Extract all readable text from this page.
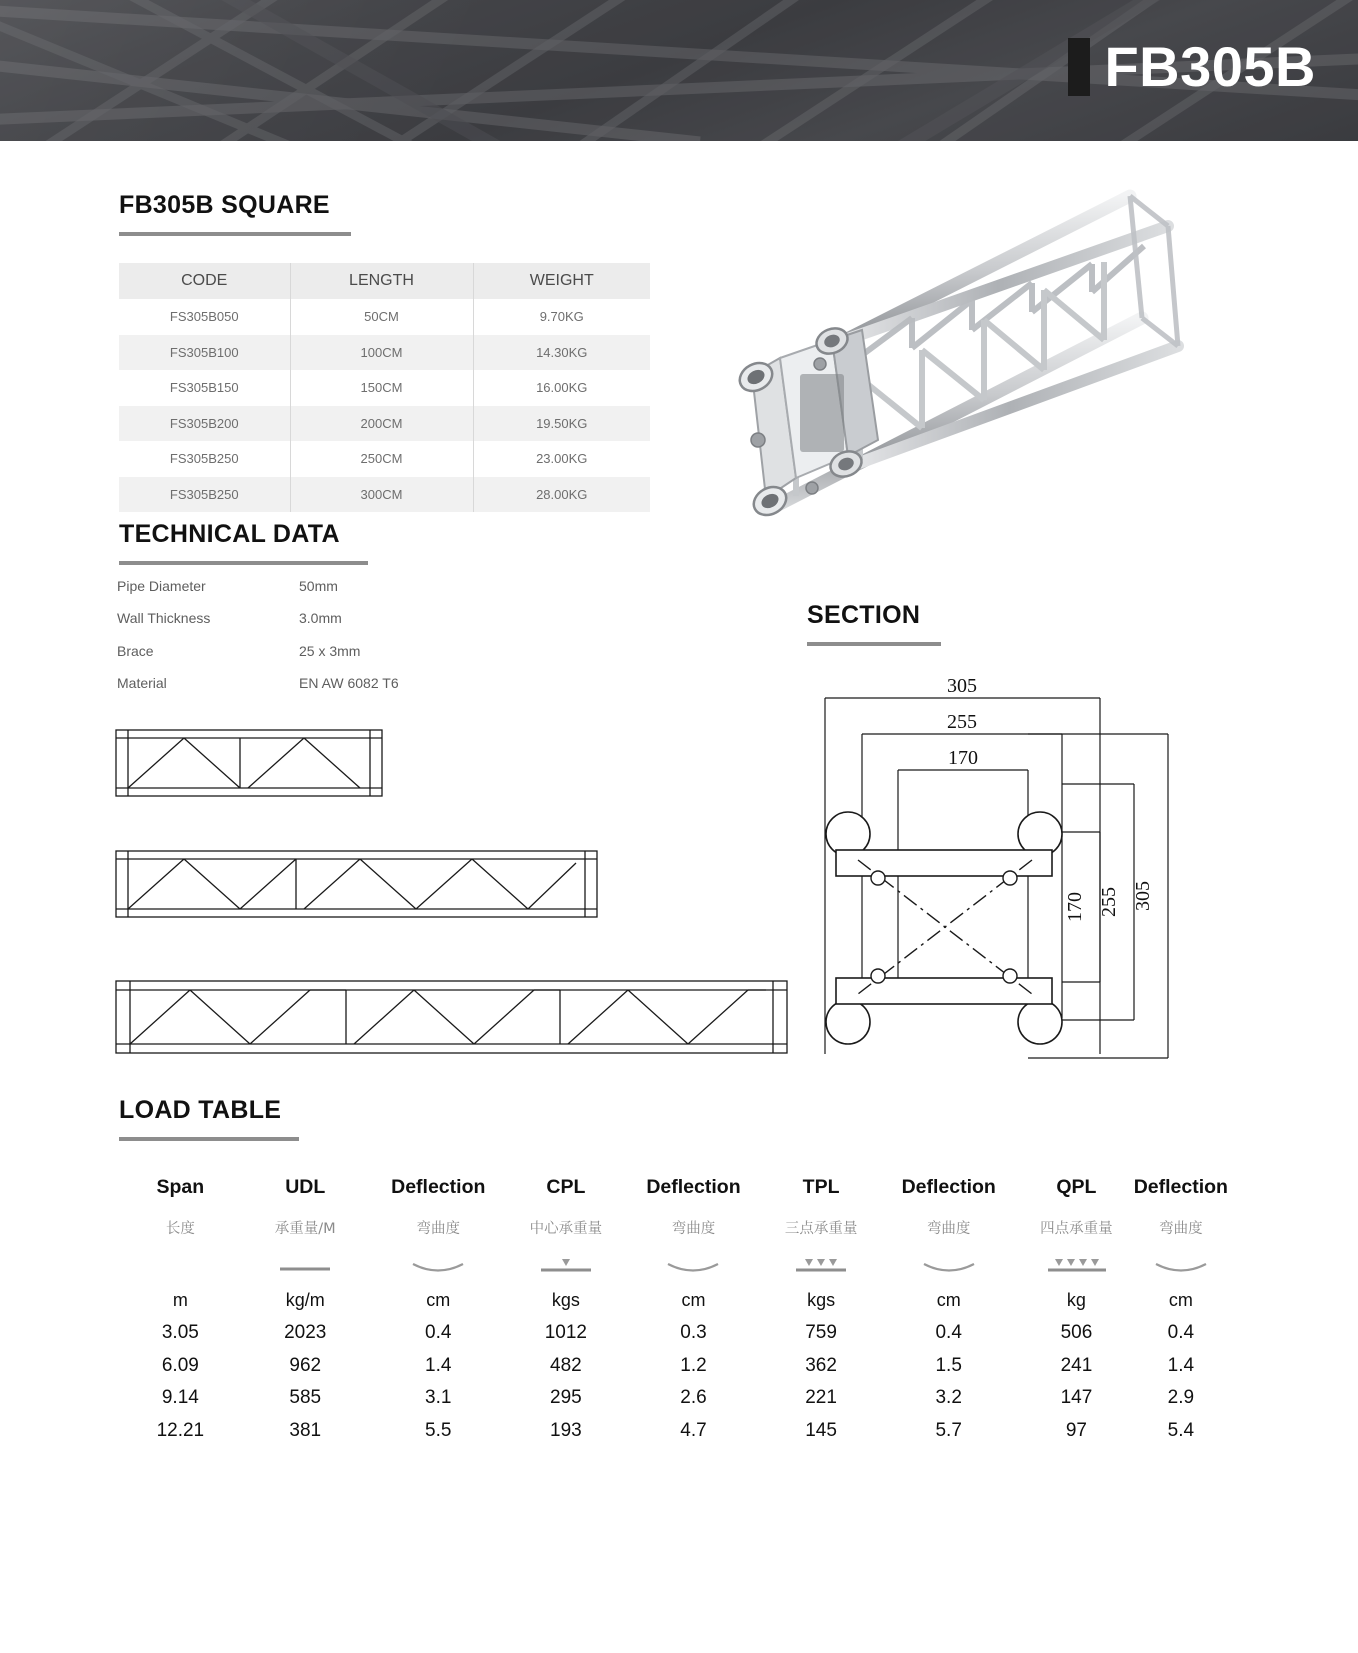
FB305B
FB305B SQUARE
CODE	LENGTH	WEIGHT
FS305B050	50CM	9.70KG
FS305B100	100CM	14.30KG
FS305B150	150CM	16.00KG
FS305B200	200CM	19.50KG
FS305B250	250CM	23.00KG
FS305B250	300CM	28.00KG
TECHNICAL DATA
Pipe Diameter	50mm
Wall Thickness	3.0mm
Brace	25 x 3mm
Material	EN AW 6082 T6
SECTION
305
255
170
170 255 305
LOAD TABLE
Span	UDL	Deflection	CPL	Deflection	TPL	Deflection	QPL	Deflection
长度	承重量/M	弯曲度	中心承重量	弯曲度	三点承重量	弯曲度	四点承重量	弯曲度

m	kg/m	cm	kgs	cm	kgs	cm	kg	cm
3.05	2023	0.4	1012	0.3	759	0.4	506	0.4
6.09	962	1.4	482	1.2	362	1.5	241	1.4
9.14	585	3.1	295	2.6	221	3.2	147	2.9
12.21	381	5.5	193	4.7	145	5.7	97	5.4
